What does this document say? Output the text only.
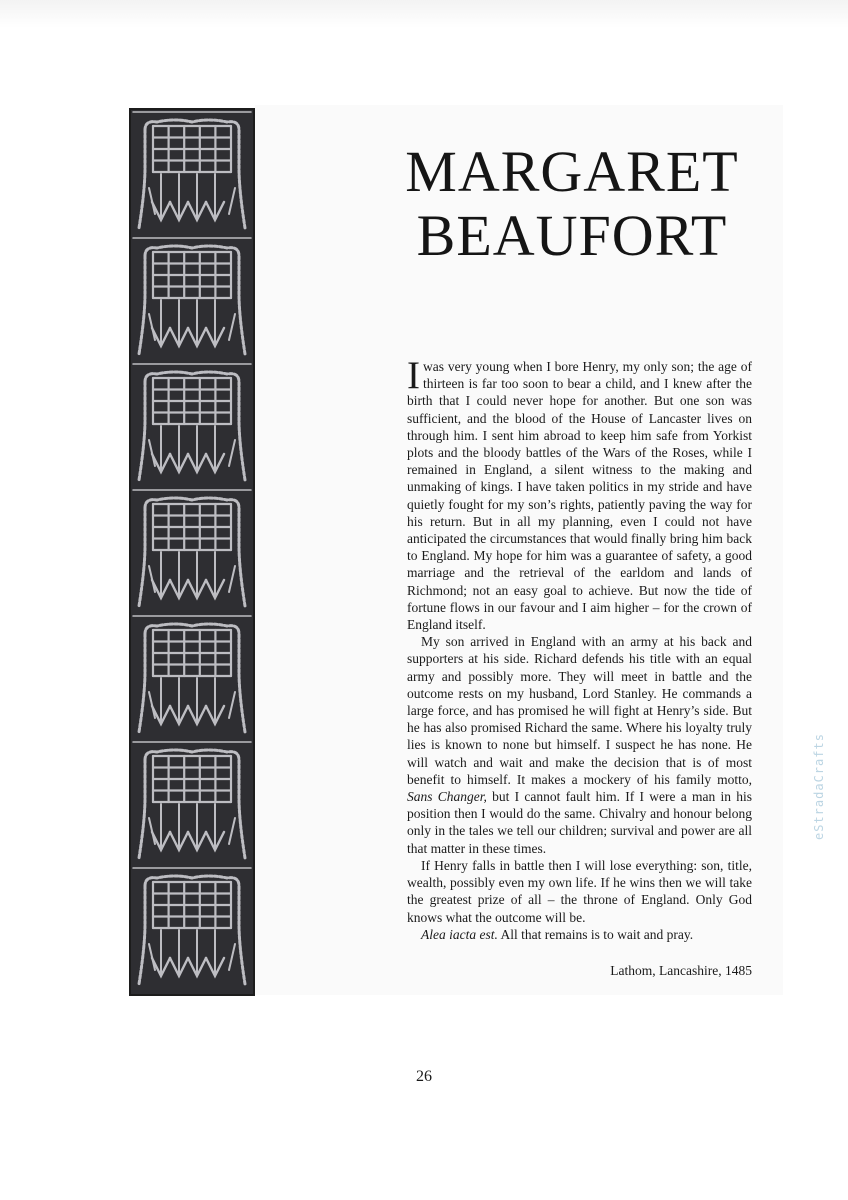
MARGARET
BEAUFORT

Iwas very young when I bore Henry, my only son; the age of thirteen is far too soon to bear a child, and I knew after the birth that I could never hope for another. But one son was sufficient, and the blood of the House of Lancaster lives on through him. I sent him abroad to keep him safe from Yorkist plots and the bloody battles of the Wars of the Roses, while I remained in England, a silent witness to the making and unmaking of kings. I have taken politics in my stride and have quietly fought for my son’s rights, patiently paving the way for his return. But in all my planning, even I could not have anticipated the circumstances that would finally bring him back to England. My hope for him was a guarantee of safety, a good marriage and the retrieval of the earldom and lands of Richmond; not an easy goal to achieve. But now the tide of fortune flows in our favour and I aim higher – for the crown of England itself.

My son arrived in England with an army at his back and supporters at his side. Richard defends his title with an equal army and possibly more. They will meet in battle and the outcome rests on my husband, Lord Stanley. He commands a large force, and has promised he will fight at Henry’s side. But he has also promised Richard the same. Where his loyalty truly lies is known to none but himself. I suspect he has none. He will watch and wait and make the decision that is of most benefit to himself. It makes a mockery of his family motto, Sans Changer, but I cannot fault him. If I were a man in his position then I would do the same. Chivalry and honour belong only in the tales we tell our children; survival and power are all that matter in these times.

If Henry falls in battle then I will lose everything: son, title, wealth, possibly even my own life. If he wins then we will take the greatest prize of all – the throne of England. Only God knows what the outcome will be.

Alea iacta est. All that remains is to wait and pray.

Lathom, Lancashire, 1485
26
eStradaCrafts
